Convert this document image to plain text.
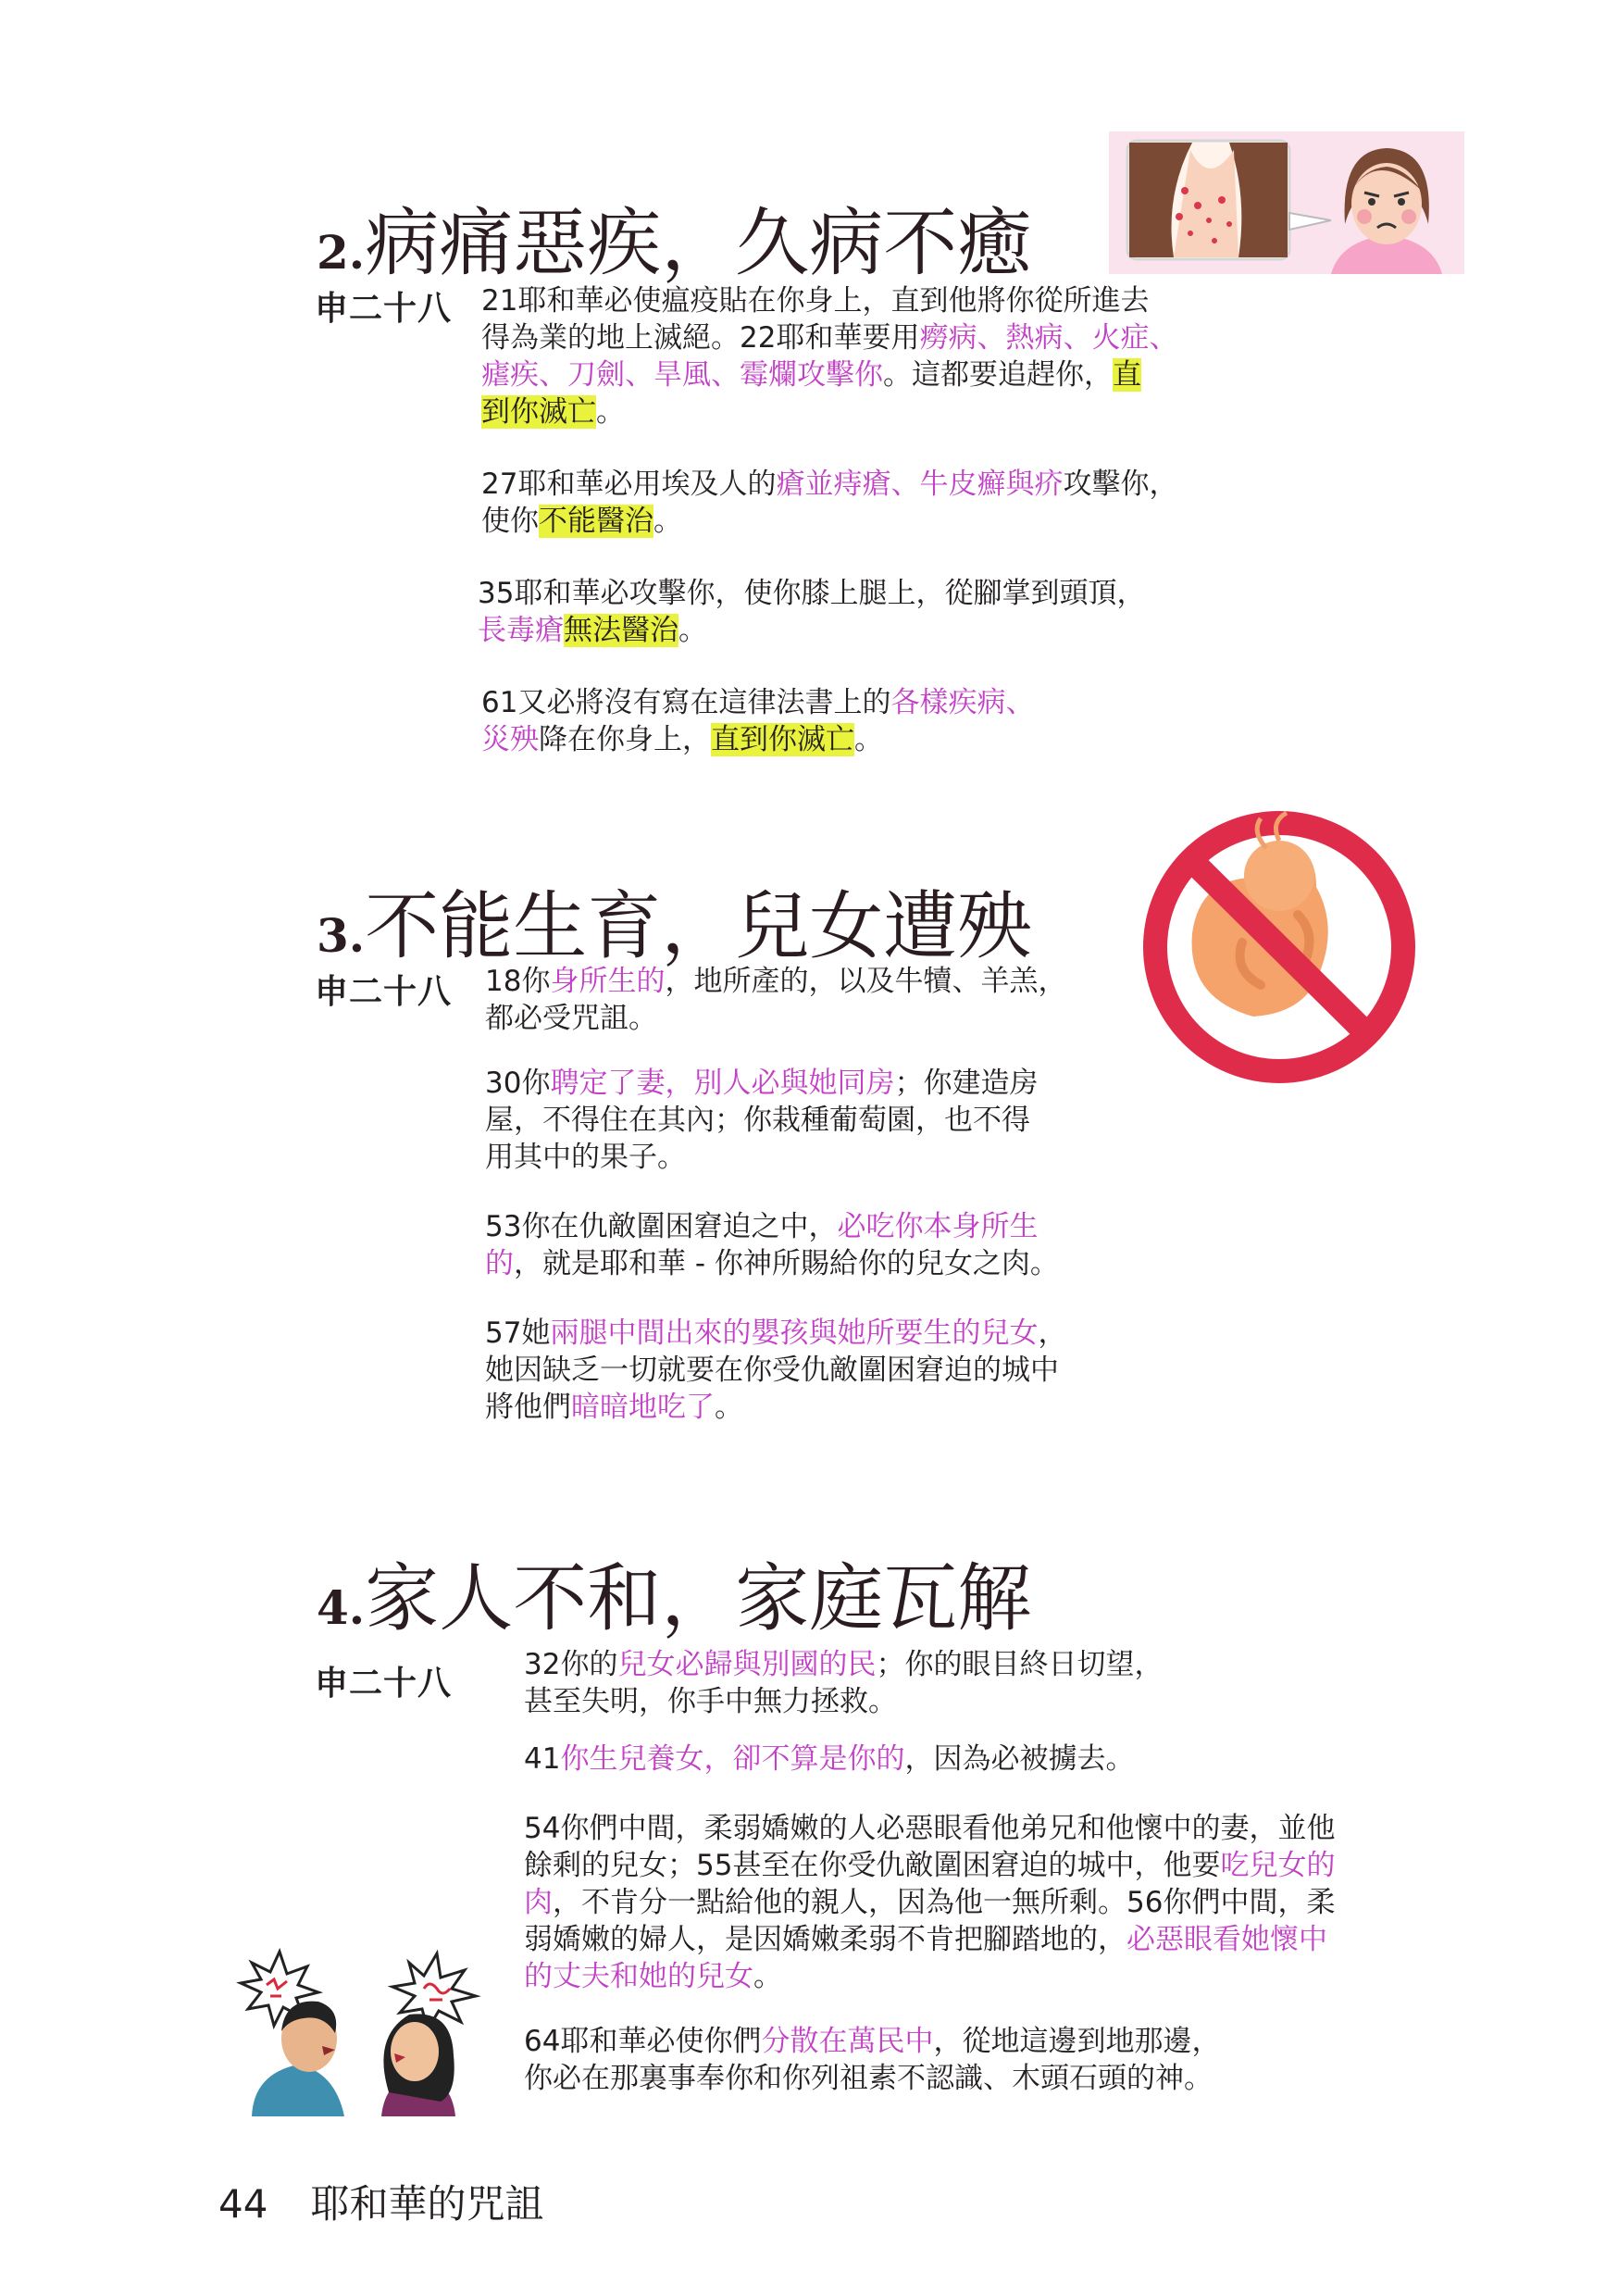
2.病痛惡疾，久病不癒
申二十八 21耶和華必使瘟疫貼在你身上，直到他將你從所進去

得為業的地上滅絕。22耶和華要用癆病、熱病、火症、

瘧疾、刀劍、旱風、霉爛攻擊你。這都要追趕你，直

到你滅亡。

27耶和華必用埃及人的瘡並痔瘡、牛皮癬與疥攻擊你，

使你不能醫治。

35耶和華必攻擊你，使你膝上腿上，從腳掌到頭頂，

長毒瘡無法醫治。

61又必將沒有寫在這律法書上的各樣疾病、

災殃降在你身上，直到你滅亡。

3.不能生育，兒女遭殃
申二十八 18你身所生的，地所產的，以及牛犢、羊羔，

都必受咒詛。

30你聘定了妻，別人必與她同房；你建造房

屋，不得住在其內；你栽種葡萄園，也不得

用其中的果子。

53你在仇敵圍困窘迫之中，必吃你本身所生

的，就是耶和華 - 你神所賜給你的兒女之肉。

57她兩腿中間出來的嬰孩與她所要生的兒女，

她因缺乏一切就要在你受仇敵圍困窘迫的城中

將他們暗暗地吃了。

4.家人不和，家庭瓦解
申二十八	32你的兒女必歸與別國的民；你的眼目終日切望，

甚至失明，你手中無力拯救。

41你生兒養女，卻不算是你的，因為必被擄去。

54你們中間，柔弱嬌嫩的人必惡眼看他弟兄和他懷中的妻，並他

餘剩的兒女；55甚至在你受仇敵圍困窘迫的城中，他要吃兒女的

肉，不肯分一點給他的親人，因為他一無所剩。56你們中間，柔

弱嬌嫩的婦人，是因嬌嫩柔弱不肯把腳踏地的，必惡眼看她懷中

的丈夫和她的兒女。

64耶和華必使你們分散在萬民中，從地這邊到地那邊，

你必在那裏事奉你和你列祖素不認識、木頭石頭的神。

44 耶和華的咒詛
